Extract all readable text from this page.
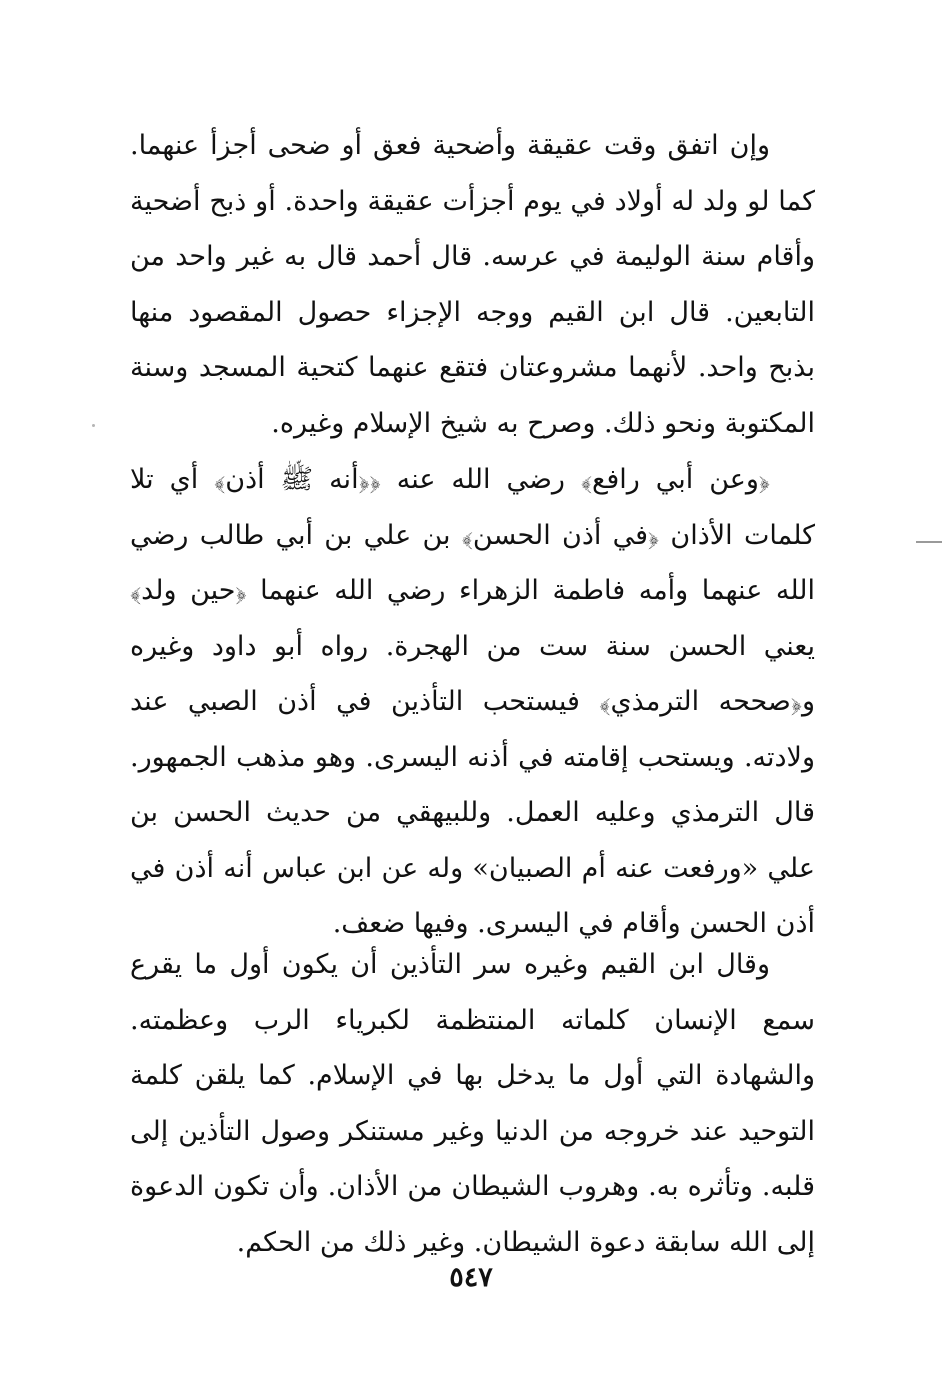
وإن اتفق وقت عقيقة وأضحية فعق أو ضحى أجزأ عنهما. كما لو ولد له أولاد في يوم أجزأت عقيقة واحدة. أو ذبح أضحية وأقام سنة الوليمة في عرسه. قال أحمد قال به غير واحد من التابعين. قال ابن القيم ووجه الإجزاء حصول المقصود منها بذبح واحد. لأنهما مشروعتان فتقع عنهما كتحية المسجد وسنة المكتوبة ونحو ذلك. وصرح به شيخ الإسلام وغيره.

﴿وعن أبي رافع﴾ رضي الله عنه ﴿﴿أنه ﷺ أذن﴾ أي تلا كلمات الأذان ﴿في أذن الحسن﴾ بن علي بن أبي طالب رضي الله عنهما وأمه فاطمة الزهراء رضي الله عنهما ﴿حين ولد﴾ يعني الحسن سنة ست من الهجرة. رواه أبو داود وغيره و﴿صححه الترمذي﴾ فيستحب التأذين في أذن الصبي عند ولادته. ويستحب إقامته في أذنه اليسرى. وهو مذهب الجمهور. قال الترمذي وعليه العمل. وللبيهقي من حديث الحسن بن علي «ورفعت عنه أم الصبيان» وله عن ابن عباس أنه أذن في أذن الحسن وأقام في اليسرى. وفيها ضعف.

وقال ابن القيم وغيره سر التأذين أن يكون أول ما يقرع سمع الإنسان كلماته المنتظمة لكبرياء الرب وعظمته. والشهادة التي أول ما يدخل بها في الإسلام. كما يلقن كلمة التوحيد عند خروجه من الدنيا وغير مستنكر وصول التأذين إلى قلبه. وتأثره به. وهروب الشيطان من الأذان. وأن تكون الدعوة إلى الله سابقة دعوة الشيطان. وغير ذلك من الحكم.

٥٤٧
